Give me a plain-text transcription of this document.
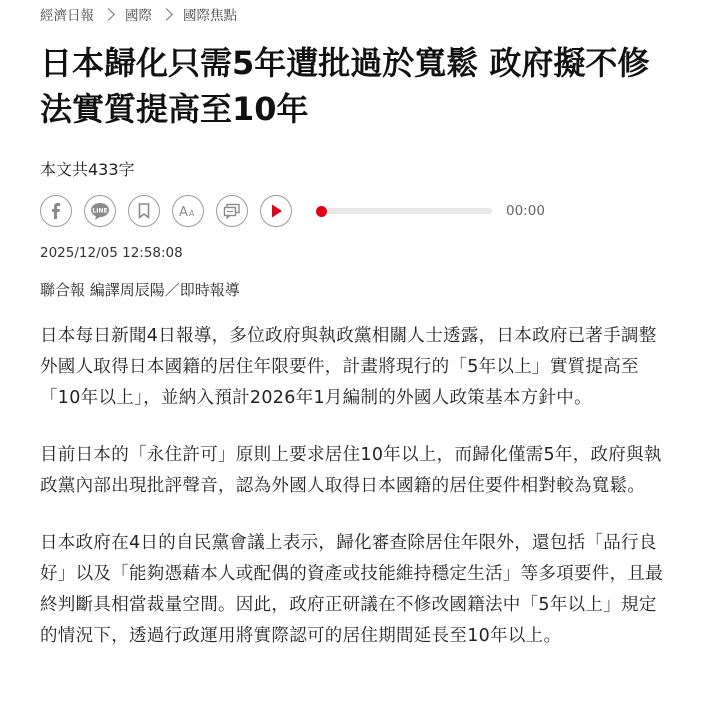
經濟日報 國際 國際焦點
日本歸化只需5年遭批過於寬鬆 政府擬不修法實質提高至10年
本文共433字
LINE	A A	00:00
2025/12/05 12:58:08
聯合報 編譯周辰陽／即時報導

日本每日新聞4日報導，多位政府與執政黨相關人士透露，日本政府已著手調整外國人取得日本國籍的居住年限要件，計畫將現行的「5年以上」實質提高至「10年以上」，並納入預計2026年1月編制的外國人政策基本方針中。

目前日本的「永住許可」原則上要求居住10年以上，而歸化僅需5年，政府與執政黨內部出現批評聲音，認為外國人取得日本國籍的居住要件相對較為寬鬆。

日本政府在4日的自民黨會議上表示，歸化審查除居住年限外，還包括「品行良好」以及「能夠憑藉本人或配偶的資產或技能維持穩定生活」等多項要件，且最終判斷具相當裁量空間。因此，政府正研議在不修改國籍法中「5年以上」規定的情況下，透過行政運用將實際認可的居住期間延長至10年以上。
